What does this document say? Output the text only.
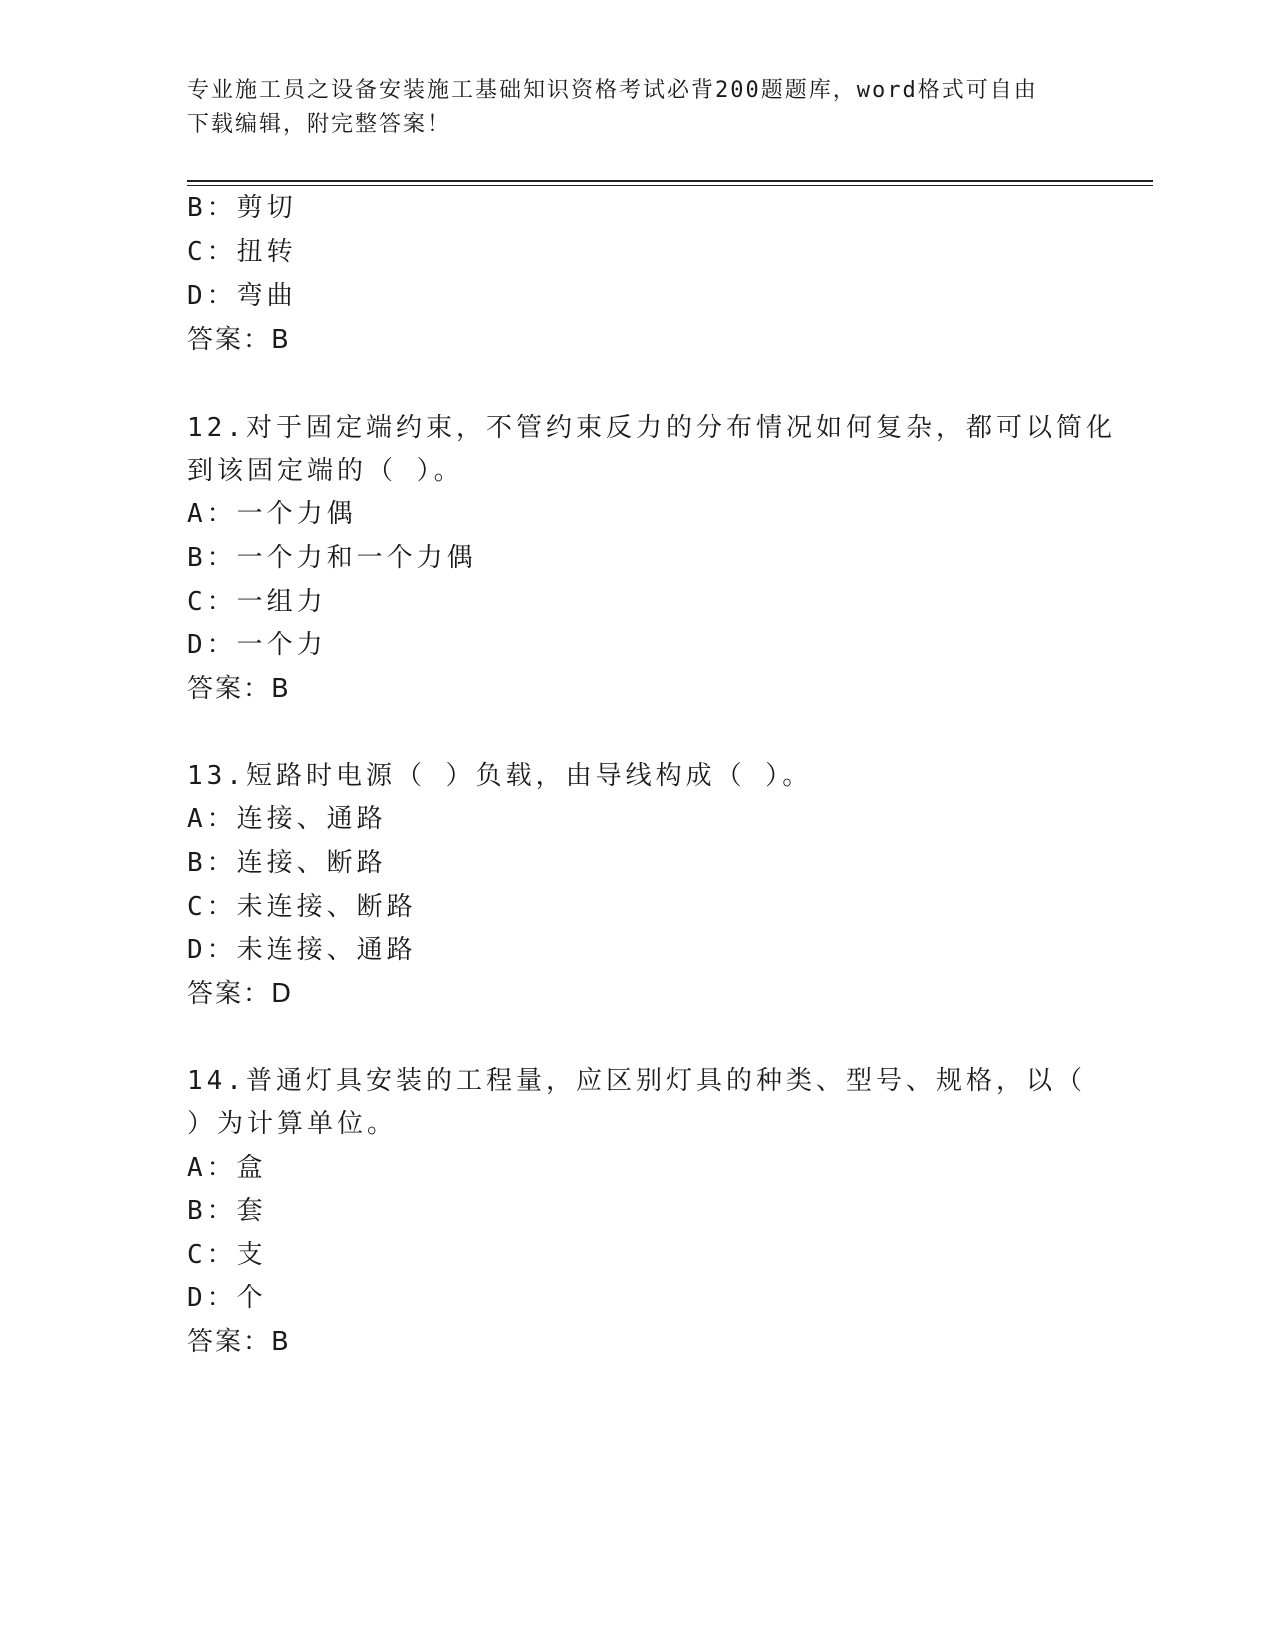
专业施工员之设备安装施工基础知识资格考试必背200题题库，word格式可自由
下载编辑，附完整答案！
B：剪切
C：扭转
D：弯曲
答案：B
12.对于固定端约束，不管约束反力的分布情况如何复杂，都可以简化
到该固定端的（ ）。
A：一个力偶
B：一个力和一个力偶
C：一组力
D：一个力
答案：B
13.短路时电源（ ）负载，由导线构成（ ）。
A：连接、通路
B：连接、断路
C：未连接、断路
D：未连接、通路
答案：D
14.普通灯具安装的工程量，应区别灯具的种类、型号、规格，以（
）为计算单位。
A：盒
B：套
C：支
D：个
答案：B
